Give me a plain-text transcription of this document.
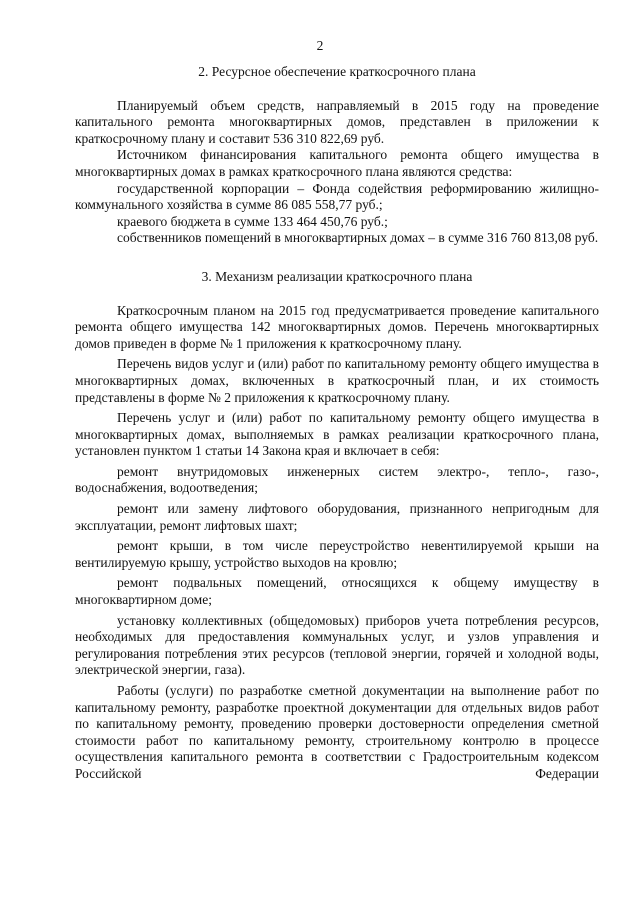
2

2. Ресурсное обеспечение краткосрочного плана

Планируемый объем средств, направляемый в 2015 году на проведение капитального ремонта многоквартирных домов, представлен в приложении к краткосрочному плану и составит 536 310 822,69 руб.

Источником финансирования капитального ремонта общего имущества в многоквартирных домах в рамках краткосрочного плана являются средства:

государственной корпорации – Фонда содействия реформированию жилищно-коммунального хозяйства в сумме 86 085 558,77 руб.;

краевого бюджета в сумме 133 464 450,76 руб.;

собственников помещений в многоквартирных домах – в сумме 316 760 813,08 руб.

3. Механизм реализации краткосрочного плана

Краткосрочным планом на 2015 год предусматривается проведение капитального ремонта общего имущества 142 многоквартирных домов. Перечень многоквартирных домов приведен в форме № 1 приложения к краткосрочному плану.

Перечень видов услуг и (или) работ по капитальному ремонту общего имущества в многоквартирных домах, включенных в краткосрочный план, и их стоимость представлены в форме № 2 приложения к краткосрочному плану.

Перечень услуг и (или) работ по капитальному ремонту общего имущества в многоквартирных домах, выполняемых в рамках реализации краткосрочного плана, установлен пунктом 1 статьи 14 Закона края и включает в себя:

ремонт внутридомовых инженерных систем электро-, тепло-, газо-, водоснабжения, водоотведения;

ремонт или замену лифтового оборудования, признанного непригодным для эксплуатации, ремонт лифтовых шахт;

ремонт крыши, в том числе переустройство невентилируемой крыши на вентилируемую крышу, устройство выходов на кровлю;

ремонт подвальных помещений, относящихся к общему имуществу в многоквартирном доме;

установку коллективных (общедомовых) приборов учета потребления ресурсов, необходимых для предоставления коммунальных услуг, и узлов управления и регулирования потребления этих ресурсов (тепловой энергии, горячей и холодной воды, электрической энергии, газа).

Работы (услуги) по разработке сметной документации на выполнение работ по капитальному ремонту, разработке проектной документации для отдельных видов работ по капитальному ремонту, проведению проверки достоверности определения сметной стоимости работ по капитальному ремонту, строительному контролю в процессе осуществления капитального ремонта в соответствии с Градостроительным кодексом Российской Федерации
